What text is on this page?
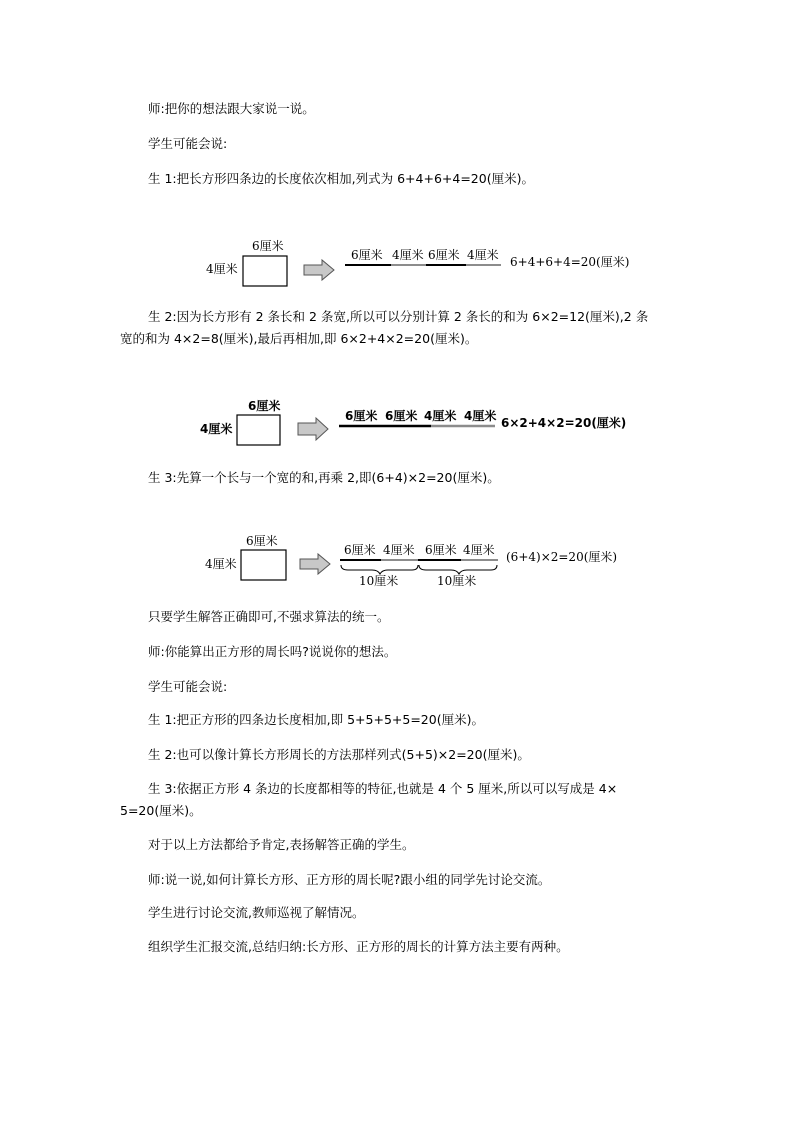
师:把你的想法跟大家说一说。
学生可能会说:
生 1:把长方形四条边的长度依次相加,列式为 6+4+6+4=20(厘米)。
6厘米
4厘米
6厘米 4厘米 6厘米 4厘米 6+4+6+4=20(厘米)
生 2:因为长方形有 2 条长和 2 条宽,所以可以分别计算 2 条长的和为 6×2=12(厘米),2 条
宽的和为 4×2=8(厘米),最后再相加,即 6×2+4×2=20(厘米)。
6厘米
4厘米
6厘米 6厘米 4厘米 4厘米 6×2+4×2=20(厘米)
生 3:先算一个长与一个宽的和,再乘 2,即(6+4)×2=20(厘米)。
6厘米
4厘米
6厘米 4厘米 6厘米 4厘米
10厘米	10厘米
(6+4)×2=20(厘米)
只要学生解答正确即可,不强求算法的统一。
师:你能算出正方形的周长吗?说说你的想法。
学生可能会说:
生 1:把正方形的四条边长度相加,即 5+5+5+5=20(厘米)。
生 2:也可以像计算长方形周长的方法那样列式(5+5)×2=20(厘米)。
生 3:依据正方形 4 条边的长度都相等的特征,也就是 4 个 5 厘米,所以可以写成是 4×
5=20(厘米)。
对于以上方法都给予肯定,表扬解答正确的学生。
师:说一说,如何计算长方形、正方形的周长呢?跟小组的同学先讨论交流。
学生进行讨论交流,教师巡视了解情况。
组织学生汇报交流,总结归纳:长方形、正方形的周长的计算方法主要有两种。
